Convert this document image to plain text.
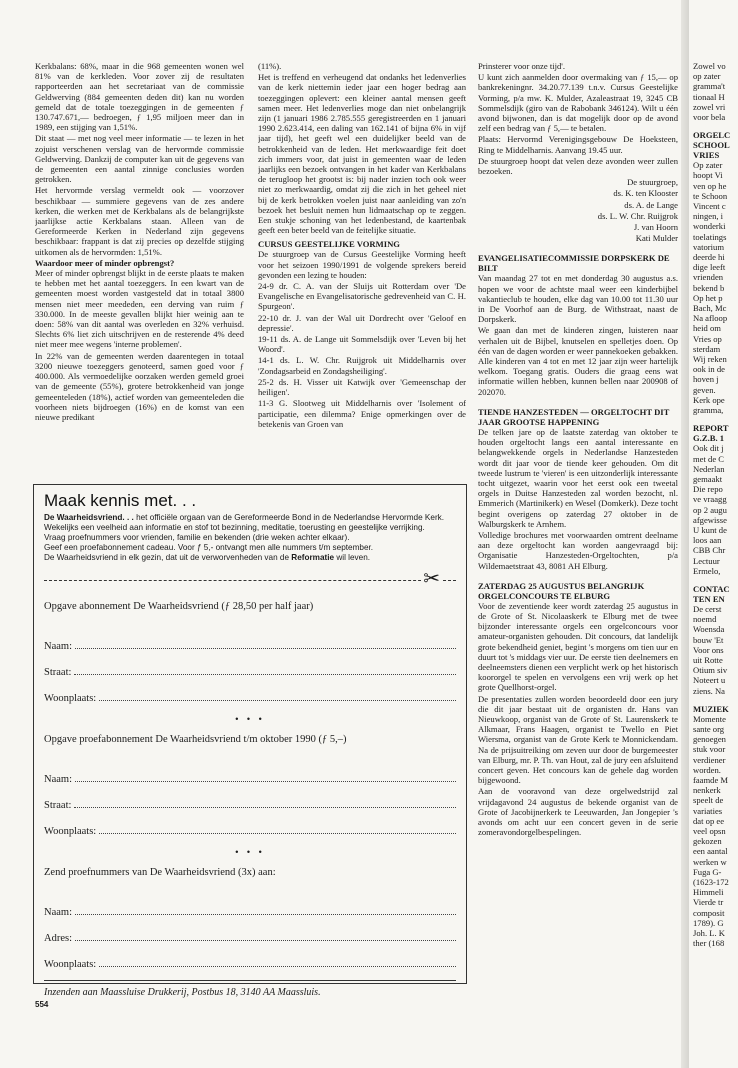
Kerkbalans: 68%, maar in die 968 gemeenten wonen wel 81% van de kerkleden. Voor zover zij de resultaten rapporteerden aan het secretariaat van de commissie Geldwerving (884 gemeenten deden dit) kan nu worden gemeld dat de totale toezeggingen in de gemeenten ƒ 130.747.671,— bedroegen, ƒ 1,95 miljoen meer dan in 1989, een stijging van 1,51%.

Dit staat — met nog veel meer informatie — te lezen in het zojuist verschenen verslag van de hervormde commissie Geldwerving. Dankzij de computer kan uit de gegevens van de gemeenten een aantal zinnige conclusies worden getrokken.

Het hervormde verslag vermeldt ook — voorzover beschikbaar — summiere gegevens van de zes andere kerken, die werken met de Kerkbalans als de belangrijkste jaarlijkse actie Kerkbalans staan. Alleen van de Gereformeerde Kerken in Nederland zijn gegevens beschikbaar: frappant is dat zij precies op dezelfde stijging uitkomen als de hervormden: 1,51%.

Waardoor meer of minder opbrengst?

Meer of minder opbrengst blijkt in de eerste plaats te maken te hebben met het aantal toezeggers. In een kwart van de gemeenten moest worden vastgesteld dat in totaal 3800 mensen niet meer meededen, een derving van ruim ƒ 330.000. In de meeste gevallen blijkt hier weinig aan te doen: 58% van dit aantal was overleden en 32% verhuisd. Slechts 6% liet zich uitschrijven en de resterende 4% deed niet meer mee wegens 'interne problemen'.

In 22% van de gemeenten werden daarentegen in totaal 3200 nieuwe toezeggers genoteerd, samen goed voor ƒ 400.000. Als vermoedelijke oorzaken werden gemeld groei van de gemeente (55%), grotere betrokkenheid van jonge gemeenteleden (18%), actief worden van gemeenteleden die voorheen niets bijdroegen (16%) en de komst van een nieuwe predikant

(11%).

Het is treffend en verheugend dat ondanks het ledenverlies van de kerk niettemin ieder jaar een hoger bedrag aan toezeggingen oplevert: een kleiner aantal mensen geeft samen meer. Het ledenverlies moge dan niet onbelangrijk zijn (1 januari 1986 2.785.555 geregistreerden en 1 januari 1990 2.623.414, een daling van 162.141 of bijna 6% in vijf jaar tijd), het geeft wel een duidelijker beeld van de betrokkenheid van de leden. Het merkwaardige feit doet zich immers voor, dat juist in gemeenten waar de leden jaarlijks een bezoek ontvangen in het kader van Kerkbalans de terugloop het grootst is: bij nader inzien toch ook weer niet zo merkwaardig, omdat zij die zich in het geheel niet bij de kerk betrokken voelen juist naar aanleiding van zo'n bezoek het besluit nemen hun lidmaatschap op te zeggen. Een stukje schoning van het ledenbestand, de kaartenbak geeft een beter beeld van de feitelijke situatie.

CURSUS GEESTELIJKE VORMING

De stuurgroep van de Cursus Geestelijke Vorming heeft voor het seizoen 1990/1991 de volgende sprekers bereid gevonden een lezing te houden:

24-9 dr. C. A. van der Sluijs uit Rotterdam over 'De Evangelische en Evangelisatorische gedrevenheid van C. H. Spurgeon'.

22-10 dr. J. van der Wal uit Dordrecht over 'Geloof en depressie'.

19-11 ds. A. de Lange uit Sommelsdijk over 'Leven bij het Woord'.

14-1 ds. L. W. Chr. Ruijgrok uit Middelharnis over 'Zondagsarbeid en Zondagsheiliging'.

25-2 ds. H. Visser uit Katwijk over 'Gemeenschap der heiligen'.

11-3 G. Slootweg uit Middelharnis over 'Isolement of participatie, een dilemma? Enige opmerkingen over de betekenis van Groen van

Prinsterer voor onze tijd'.

U kunt zich aanmelden door overmaking van ƒ 15,— op bankrekeningnr. 34.20.77.139 t.n.v. Cursus Geestelijke Vorming, p/a mw. K. Mulder, Azaleastraat 19, 3245 CB Sommelsdijk (giro van de Rabobank 346124). Wilt u één avond bijwonen, dan is dat mogelijk door op de avond zelf een bedrag van ƒ 5,— te betalen.

Plaats: Hervormd Verenigingsgebouw De Hoeksteen, Ring te Middelharnis. Aanvang 19.45 uur.

De stuurgroep hoopt dat velen deze avonden weer zullen bezoeken.

De stuurgroep,

ds. K. ten Klooster

ds. A. de Lange

ds. L. W. Chr. Ruijgrok

J. van Hoorn

Kati Mulder

EVANGELISATIECOMMISSIE DORPSKERK DE BILT

Van maandag 27 tot en met donderdag 30 augustus a.s. hopen we voor de achtste maal weer een kinderbijbel vakantieclub te houden, elke dag van 10.00 tot 11.30 uur in De Voorhof aan de Burg. de Withstraat, naast de Dorpskerk.

We gaan dan met de kinderen zingen, luisteren naar verhalen uit de Bijbel, knutselen en spelletjes doen. Op één van de dagen worden er weer pannekoeken gebakken. Alle kinderen van 4 tot en met 12 jaar zijn weer hartelijk welkom. Toegang gratis. Ouders die graag eens wat informatie willen hebben, kunnen bellen naar 200908 of 202070.

TIENDE HANZESTEDEN — ORGELTOCHT DIT JAAR GROOTSE HAPPENING

De telken jare op de laatste zaterdag van oktober te houden orgeltocht langs een aantal interessante en belangwekkende orgels in Nederlandse Hanzesteden wordt dit jaar voor de tiende keer gehouden. Om dit tweede lustrum te 'vieren' is een uitzonderlijk interessante tocht uitgezet, waarin voor het eerst ook een tweetal orgels in Duitse Hanzesteden zal worden bezocht, nl. Emmerich (Martinikerk) en Wesel (Domkerk). Deze tocht begint overigens op zaterdag 27 oktober in de Walburgskerk te Arnhem.

Volledige brochures met voorwaarden omtrent deelname aan deze orgeltocht kan worden aangevraagd bij: Organisatie Hanzesteden-Orgeltochten, p/a Wildemaetstraat 43, 8081 AH Elburg.

ZATERDAG 25 AUGUSTUS BELANGRIJK ORGELCONCOURS TE ELBURG

Voor de zeventiende keer wordt zaterdag 25 augustus in de Grote of St. Nicolaaskerk te Elburg met de twee bijzonder interessante orgels een orgelconcours voor amateur-organisten gehouden. Dit concours, dat landelijk grote bekendheid geniet, begint 's morgens om tien uur en duurt tot 's middags vier uur. De eerste tien deelnemers en deelneemsters dienen een verplicht werk op het historisch koororgel te spelen en vervolgens een vrij werk op het grote Quellhorst-orgel.

De presentaties zullen worden beoordeeld door een jury die dit jaar bestaat uit de organisten dr. Hans van Nieuwkoop, organist van de Grote of St. Laurenskerk te Alkmaar, Frans Haagen, organist te Twello en Piet Wiersma, organist van de Grote Kerk te Monnickendam. Na de prijsuitreiking om zeven uur door de burgemeester van Elburg, mr. P. Th. van Hout, zal de jury een afsluitend concert geven. Het concours kan de gehele dag worden bijgewoond.

Aan de vooravond van deze orgelwedstrijd zal vrijdagavond 24 augustus de bekende organist van de Grote of Jacobijnerkerk te Leeuwarden, Jan Jongepier 's avonds om acht uur een concert geven in de serie zomeravondorgelbespelingen.

Zowel vo

op zater

gramma't

tionaal H

zowel vri

voor bela

ORGELC

SCHOOL

VRIES

Op zater

hoopt Vi

ven op he

te Schoon

Vincent c

ningen, i

wonderki

toelatings

vatorium

deerde hi

dige leeft

vrienden

bekend b

Op het p

Bach, Mc

Na afloop

heid om

Vries op

sterdam

Wij reken

ook in de

hoven j

geven.

Kerk ope

gramma,

REPORT

G.Z.B. 1

Ook dit j

met de C

Nederlan

gemaakt

Die repo

ve vraagg

op 2 augu

afgewisse

U kunt de

loos aan

CBB Chr

Lectuur

Ermelo,

CONTAC

TEN EN

De cerst

noemd

Woensda

bouw 'Et

Voor ons

uit Rotte

Otium siv

Noteert u

ziens. Na

MUZIEK

Momente

sante org

genoegen

stuk voor

verdiener

worden.

faamde M

nenkerk

speelt de

variaties

dat op ee

veel opsn

gekozen

een aantal

werken w

Fuga G-

(1623-172

Himmeli

Vierde tr

composit

1789). G

Joh. L. K

ther (168

Maak kennis met. . .

De Waarheidsvriend. . . het officiële orgaan van de Gereformeerde Bond in de Nederlandse Hervormde Kerk.

Wekelijks een veelheid aan informatie en stof tot bezinning, meditatie, toerusting en geestelijke verrijking.

Vraag proefnummers voor vrienden, familie en bekenden (drie weken achter elkaar).

Geef een proefabonnement cadeau. Voor ƒ 5,- ontvangt men alle nummers t/m september.

De Waarheidsvriend in elk gezin, dat uit de verworvenheden van de Reformatie wil leven.

✂

Opgave abonnement De Waarheidsvriend (ƒ 28,50 per half jaar)

Naam:
Straat:
Woonplaats:
• • •

Opgave proefabonnement De Waarheidsvriend t/m oktober 1990 (ƒ 5,–)

Naam:
Straat:
Woonplaats:
• • •

Zend proefnummers van De Waarheidsvriend (3x) aan:

Naam:
Adres:
Woonplaats:
Inzenden aan Maassluise Drukkerij, Postbus 18, 3140 AA Maassluis.
554
